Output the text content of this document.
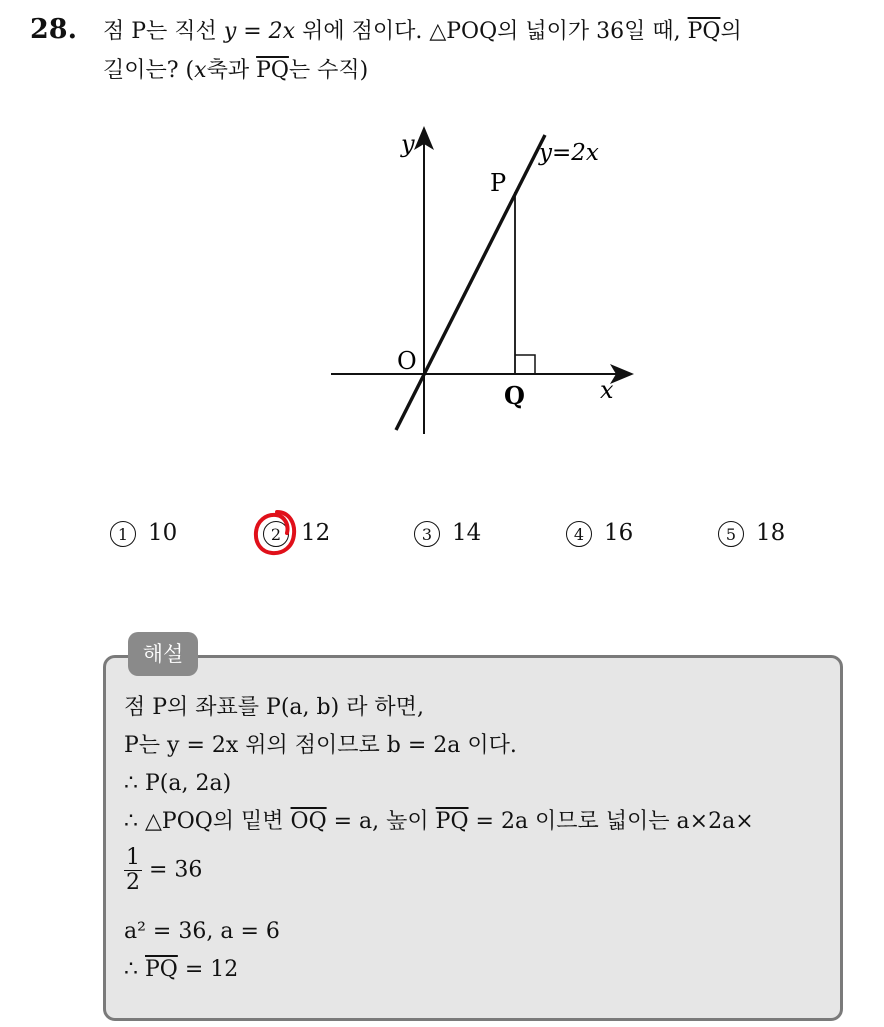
28. 점 P는 직선 y = 2x 위에 점이다. △POQ의 넓이가 36일 때, $\overline{PQ}$의
길이는? (x축과 $\overline{PQ}$는 수직)
y
x
y=2x
O
P
Q
1 10	2 12	3 14	4 16	5 18
해설
점 P의 좌표를 P(a, b) 라 하면,
P는 y = 2x 위의 점이므로 b = 2a 이다.
∴ P(a, 2a)
∴ △POQ의 밑변 $\overline{OQ} = a$, 높이 $\overline{PQ} = 2a$ 이므로 넓이는 a×2a×
$\frac{1}{2} = 36$
a² = 36, a = 6
∴ $\overline{PQ} = 12$
